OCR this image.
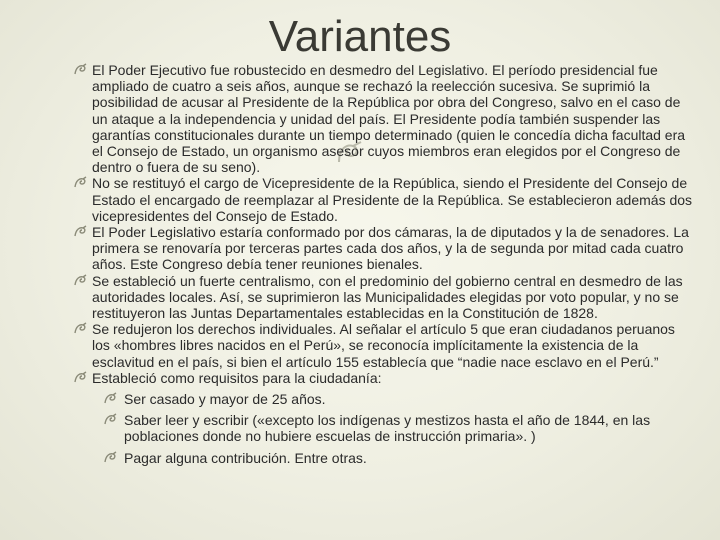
Variantes
El Poder Ejecutivo fue robustecido en desmedro del Legislativo. El período presidencial fue ampliado de cuatro a seis años, aunque se rechazó la reelección sucesiva. Se suprimió la posibilidad de acusar al Presidente de la República por obra del Congreso, salvo en el caso de un ataque a la independencia y unidad del país. El Presidente podía también suspender las garantías constitucionales durante un tiempo determinado (quien le concedía dicha facultad era el Consejo de Estado, un organismo asesor cuyos miembros eran elegidos por el Congreso de dentro o fuera de su seno).
No se restituyó el cargo de Vicepresidente de la República, siendo el Presidente del Consejo de Estado el encargado de reemplazar al Presidente de la República. Se establecieron además dos vicepresidentes del Consejo de Estado.
El Poder Legislativo estaría conformado por dos cámaras, la de diputados y la de senadores. La primera se renovaría por terceras partes cada dos años, y la de segunda por mitad cada cuatro años. Este Congreso debía tener reuniones bienales.
Se estableció un fuerte centralismo, con el predominio del gobierno central en desmedro de las autoridades locales. Así, se suprimieron las Municipalidades elegidas por voto popular, y no se restituyeron las Juntas Departamentales establecidas en la Constitución de 1828.
Se redujeron los derechos individuales. Al señalar el artículo 5 que eran ciudadanos peruanos los «hombres libres nacidos en el Perú», se reconocía implícitamente la existencia de la esclavitud en el país, si bien el artículo 155 establecía que “nadie nace esclavo en el Perú.”
Estableció como requisitos para la ciudadanía:
Ser casado y mayor de 25 años.
Saber leer y escribir («excepto los indígenas y mestizos hasta el año de 1844, en las poblaciones donde no hubiere escuelas de instrucción primaria». )
Pagar alguna contribución. Entre otras.
